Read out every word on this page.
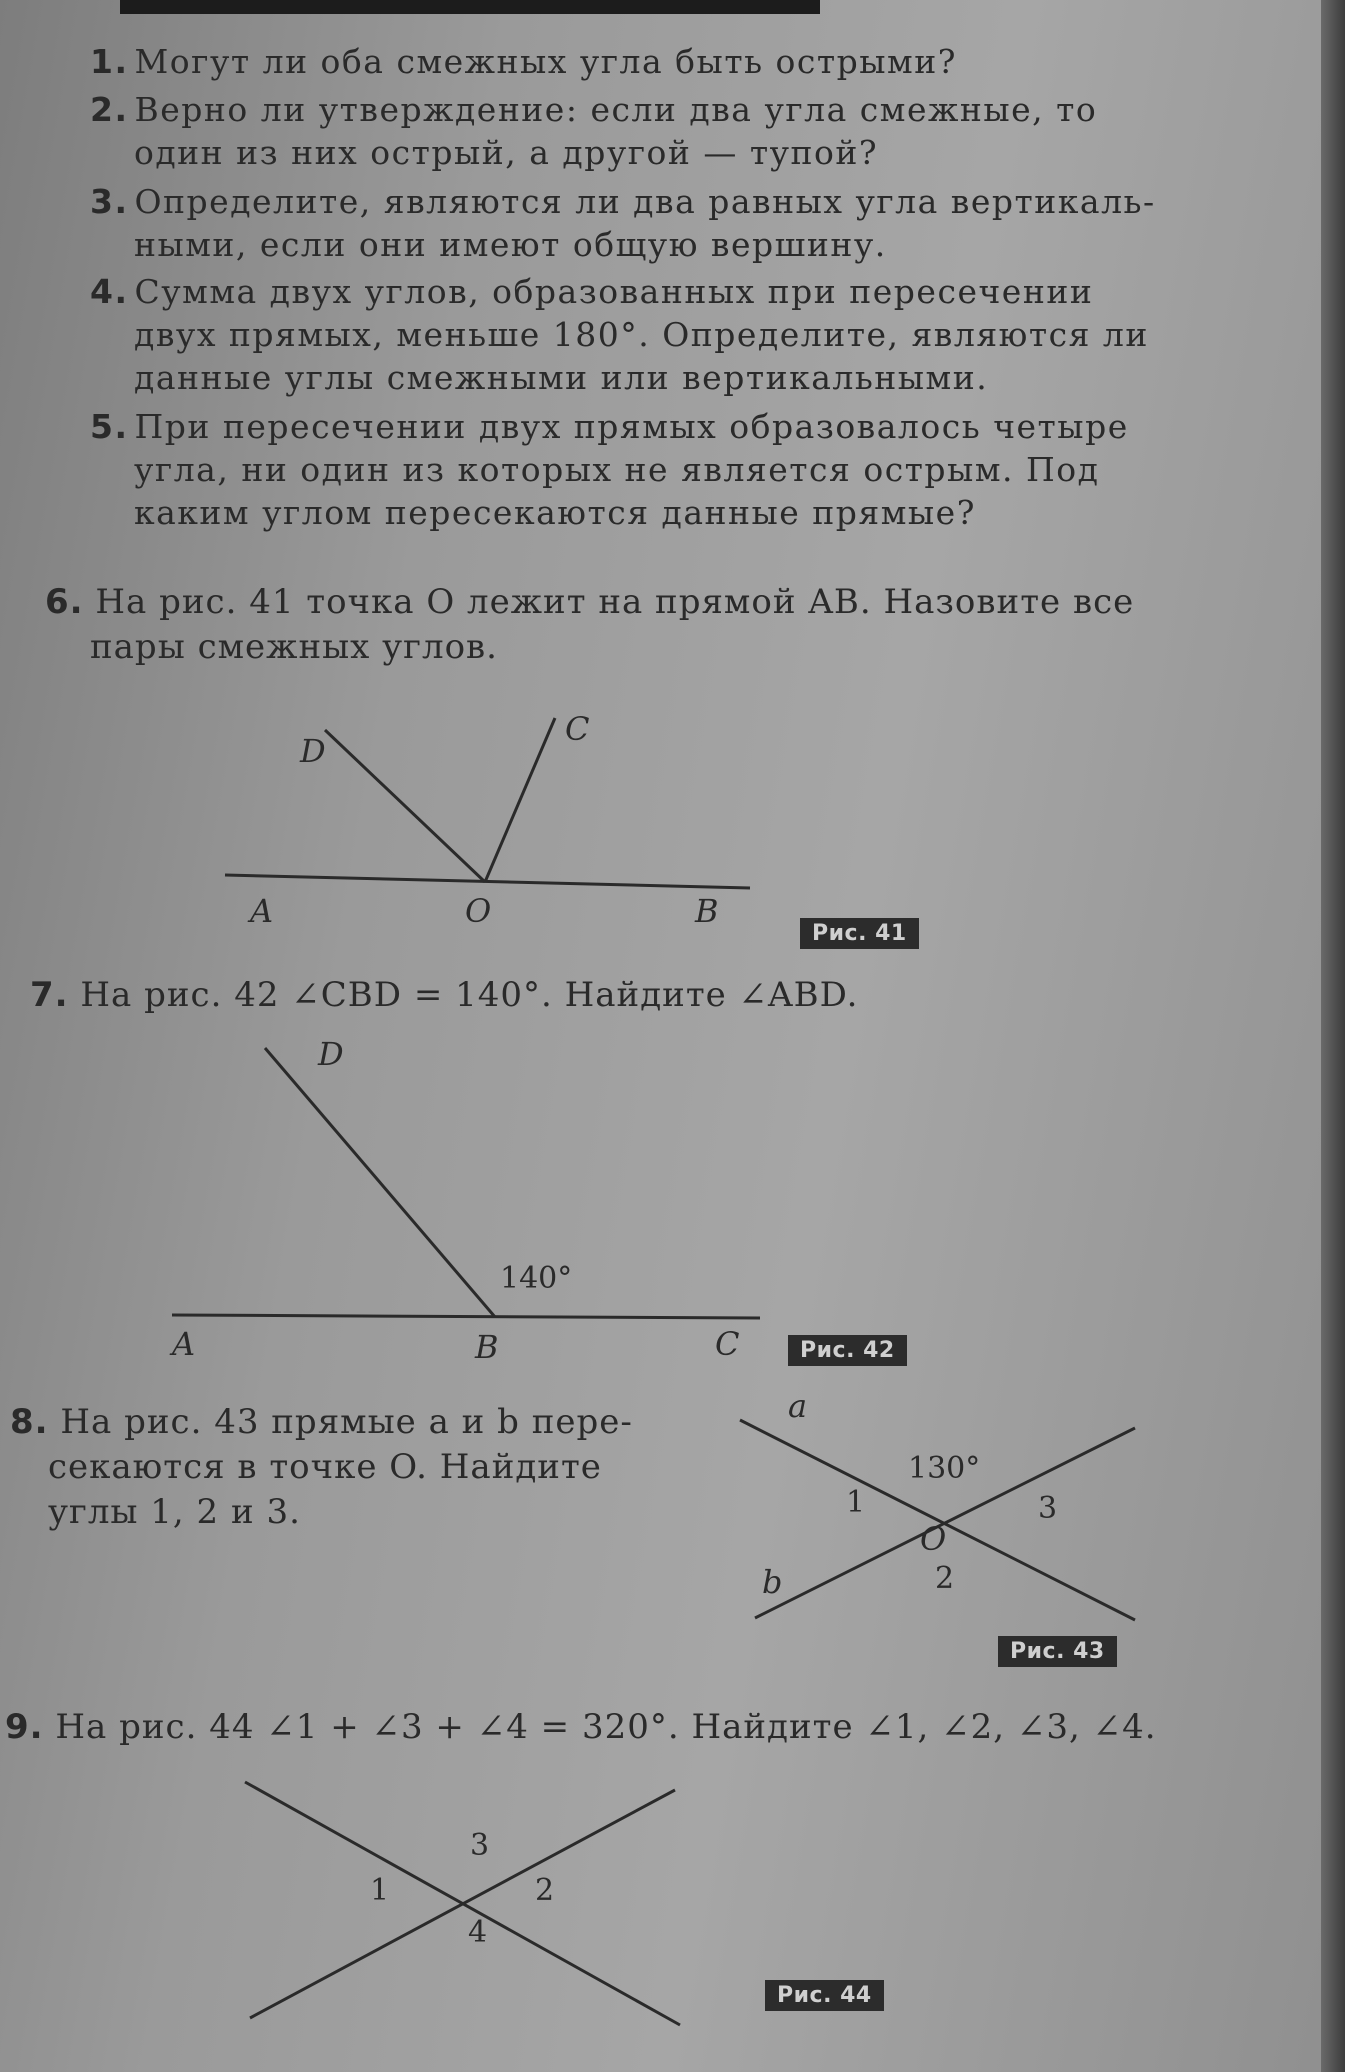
1. Могут ли оба смежных угла быть острыми?

2. Верно ли утверждение: если два угла смежные, то

один из них острый, а другой — тупой?

3. Определите, являются ли два равных угла вертикаль-

ными, если они имеют общую вершину.

4. Сумма двух углов, образованных при пересечении

двух прямых, меньше 180°. Определите, являются ли

данные углы смежными или вертикальными.

5. При пересечении двух прямых образовалось четыре

угла, ни один из которых не является острым. Под

каким углом пересекаются данные прямые?

6. На рис. 41 точка O лежит на прямой AB. Назовите все

пары смежных углов.

A	O	B
C
D
Рис. 41

7. На рис. 42 ∠CBD = 140°. Найдите ∠ABD.

D
140°
A	B	C	Рис. 42

8. На рис. 43 прямые a и b пере-

секаются в точке O. Найдите

углы 1, 2 и 3.

a
b
130°
1	3
O
2
Рис. 43

9. На рис. 44 ∠1 + ∠3 + ∠4 = 320°. Найдите ∠1, ∠2, ∠3, ∠4.

3
1	2
4
Рис. 44
